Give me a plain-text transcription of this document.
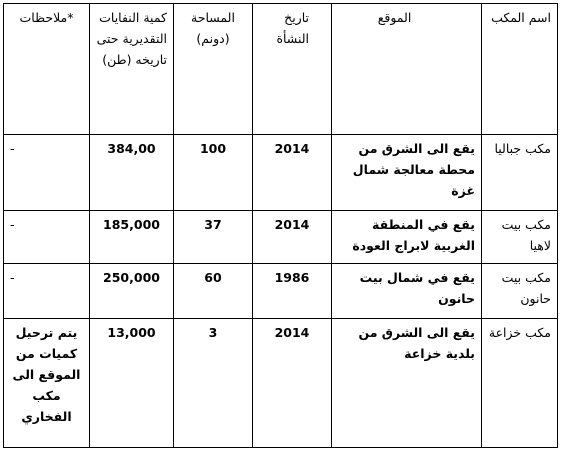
اسم المكب	الموقع	تاريخ النشأة	المساحة (دونم)	كمية النفايات التقديرية حتى تاريخه (طن)	*ملاحظات
مكب جباليا	يقع الى الشرق من محطة معالجة شمال غزة	2014	100	384,00	-
مكب بيت لاهيا	يقع في المنطقة الغربية لابراج العودة	2014	37	185,000	-
مكب بيت حانون	يقع في شمال بيت حانون	1986	60	250,000	-
مكب خزاعة	يقع الى الشرق من بلدية خزاعة	2014	3	13,000	يتم ترحيل كميات من الموقع الى مكب الفخاري
